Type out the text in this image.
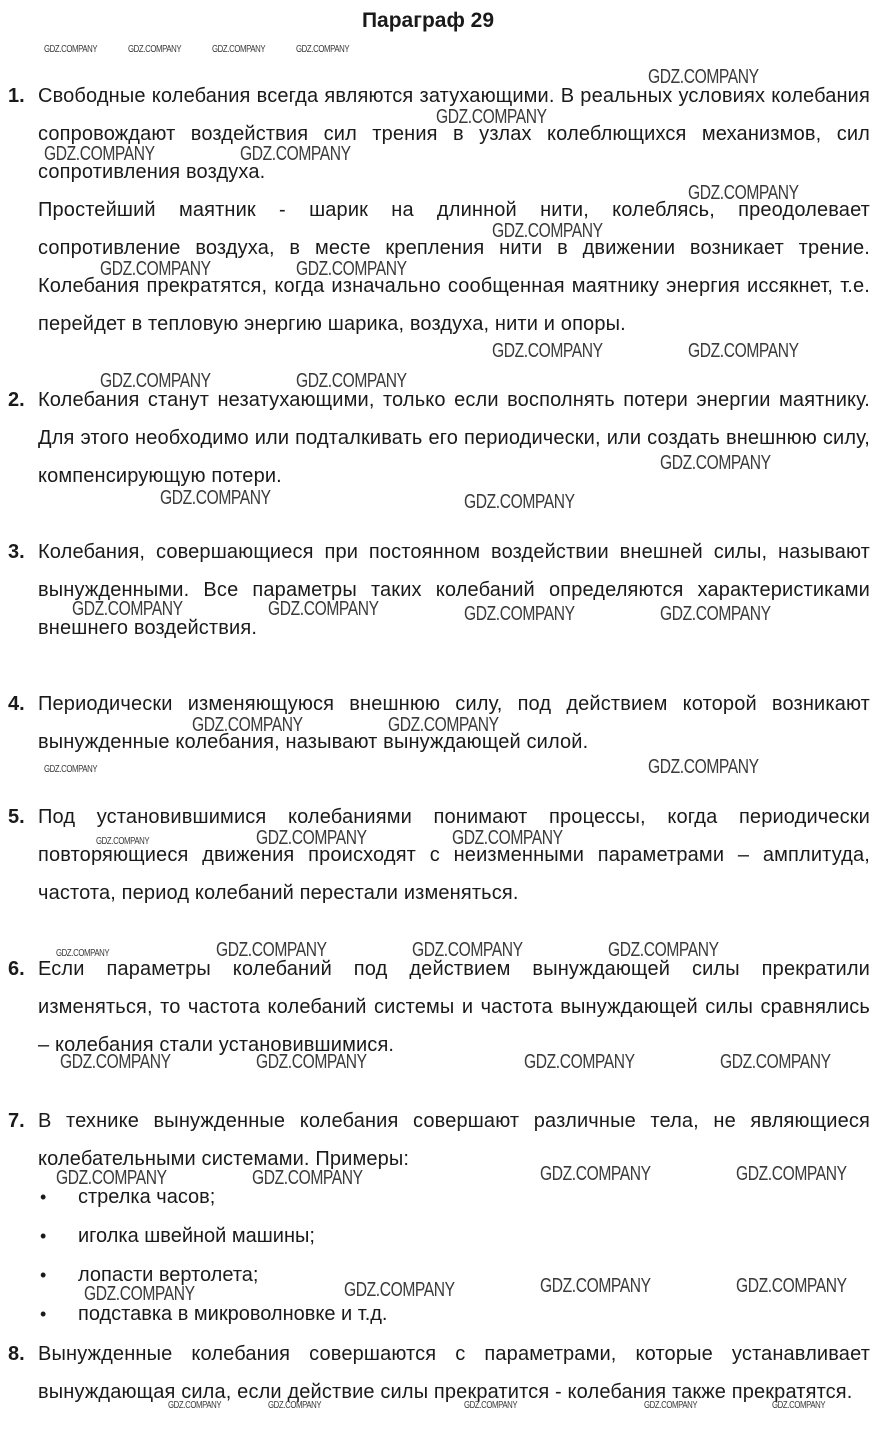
Параграф 29
1. Свободные колебания всегда являются затухающими. В реальных условиях колебания сопровождают воздействия сил трения в узлах колеблющихся механизмов, сил сопротивления воздуха.

Простейший маятник - шарик на длинной нити, колеблясь, преодолевает сопротивление воздуха, в месте крепления нити в движении возникает трение. Колебания прекратятся, когда изначально сообщенная маятнику энергия иссякнет, т.е. перейдет в тепловую энергию шарика, воздуха, нити и опоры.

2. Колебания станут незатухающими, только если восполнять потери энергии маятнику. Для этого необходимо или подталкивать его периодически, или создать внешнюю силу, компенсирующую потери.

3. Колебания, совершающиеся при постоянном воздействии внешней силы, называют вынужденными. Все параметры таких колебаний определяются характеристиками внешнего воздействия.

4. Периодически изменяющуюся внешнюю силу, под действием которой возникают вынужденные колебания, называют вынуждающей силой.

5. Под установившимися колебаниями понимают процессы, когда периодически повторяющиеся движения происходят с неизменными параметрами – амплитуда, частота, период колебаний перестали изменяться.

6. Если параметры колебаний под действием вынуждающей силы прекратили изменяться, то частота колебаний системы и частота вынуждающей силы сравнялись – колебания стали установившимися.

7. В технике вынужденные колебания совершают различные тела, не являющиеся колебательными системами. Примеры:

• стрелка часов;
• иголка швейной машины;
• лопасти вертолета;
• подставка в микроволновке и т.д.
8. Вынужденные колебания совершаются с параметрами, которые устанавливает вынуждающая сила, если действие силы прекратится - колебания также прекратятся.

GDZ.COMPANY	GDZ.COMPANY	GDZ.COMPANY	GDZ.COMPANY
GDZ.COMPANY
GDZ.COMPANY
GDZ.COMPANY	GDZ.COMPANY
GDZ.COMPANY
GDZ.COMPANY
GDZ.COMPANY	GDZ.COMPANY
GDZ.COMPANY	GDZ.COMPANY
GDZ.COMPANY	GDZ.COMPANY
GDZ.COMPANY
GDZ.COMPANY	GDZ.COMPANY
GDZ.COMPANY	GDZ.COMPANY	GDZ.COMPANY	GDZ.COMPANY
GDZ.COMPANY	GDZ.COMPANY
GDZ.COMPANY	GDZ.COMPANY
GDZ.COMPANY	GDZ.COMPANY	GDZ.COMPANY
GDZ.COMPANY	GDZ.COMPANY	GDZ.COMPANY	GDZ.COMPANY
GDZ.COMPANY	GDZ.COMPANY	GDZ.COMPANY	GDZ.COMPANY
GDZ.COMPANY	GDZ.COMPANY	GDZ.COMPANY	GDZ.COMPANY
GDZ.COMPANY	GDZ.COMPANY	GDZ.COMPANY	GDZ.COMPANY
GDZ.COMPANY	GDZ.COMPANY	GDZ.COMPANY	GDZ.COMPANY	GDZ.COMPANY
